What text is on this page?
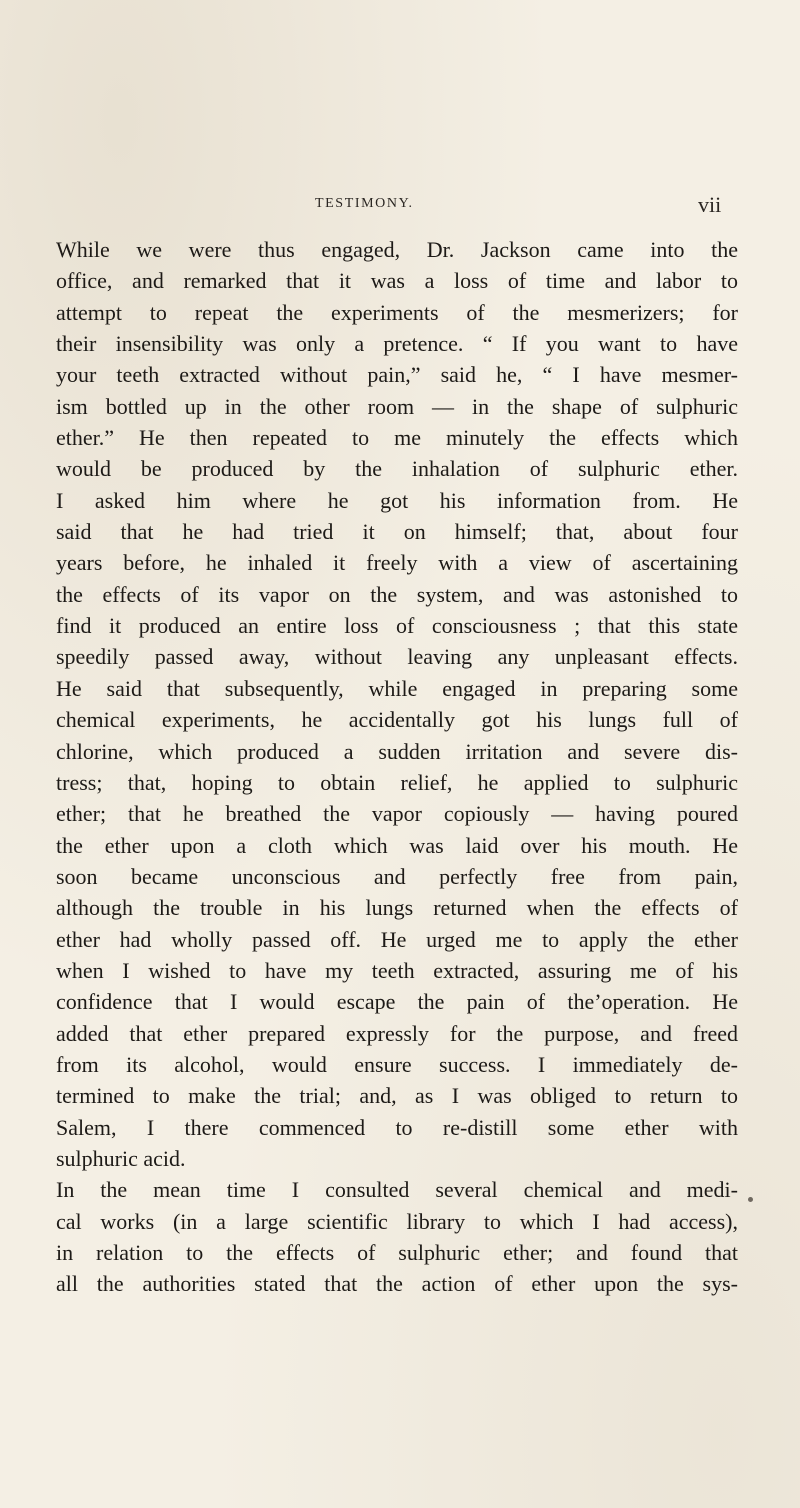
TESTIMONY.	vii
While we were thus engaged, Dr. Jackson came into the
office, and remarked that it was a loss of time and labor to
attempt to repeat the experiments of the mesmerizers; for
their insensibility was only a pretence. “ If you want to have
your teeth extracted without pain,” said he, “ I have mesmer-
ism bottled up in the other room — in the shape of sulphuric
ether.” He then repeated to me minutely the effects which
would be produced by the inhalation of sulphuric ether.
I asked him where he got his information from. He
said that he had tried it on himself; that, about four
years before, he inhaled it freely with a view of ascertaining
the effects of its vapor on the system, and was astonished to
find it produced an entire loss of consciousness ; that this state
speedily passed away, without leaving any unpleasant effects.
He said that subsequently, while engaged in preparing some
chemical experiments, he accidentally got his lungs full of
chlorine, which produced a sudden irritation and severe dis-
tress; that, hoping to obtain relief, he applied to sulphuric
ether; that he breathed the vapor copiously — having poured
the ether upon a cloth which was laid over his mouth. He
soon became unconscious and perfectly free from pain,
although the trouble in his lungs returned when the effects of
ether had wholly passed off. He urged me to apply the ether
when I wished to have my teeth extracted, assuring me of his
confidence that I would escape the pain of the’operation. He
added that ether prepared expressly for the purpose, and freed
from its alcohol, would ensure success. I immediately de-
termined to make the trial; and, as I was obliged to return to
Salem, I there commenced to re-distill some ether with
sulphuric acid.
In the mean time I consulted several chemical and medi-
cal works (in a large scientific library to which I had access),
in relation to the effects of sulphuric ether; and found that
all the authorities stated that the action of ether upon the sys-
